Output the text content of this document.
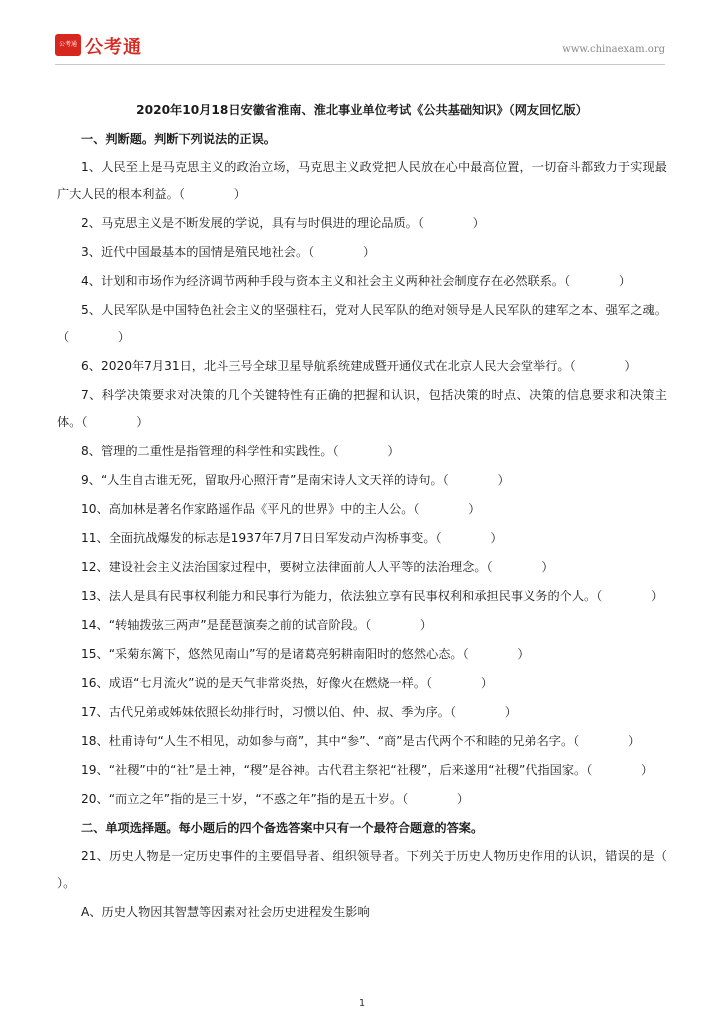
公考通 公考通	www.chinaexam.org

2020年10月18日安徽省淮南、淮北事业单位考试《公共基础知识》（网友回忆版）

一、判断题。判断下列说法的正误。

1、人民至上是马克思主义的政治立场，马克思主义政党把人民放在心中最高位置，一切奋斗都致力于实现最广大人民的根本利益。（　　　　）

2、马克思主义是不断发展的学说，具有与时俱进的理论品质。（　　　　）

3、近代中国最基本的国情是殖民地社会。（　　　　）

4、计划和市场作为经济调节两种手段与资本主义和社会主义两种社会制度存在必然联系。（　　　　）

5、人民军队是中国特色社会主义的坚强柱石，党对人民军队的绝对领导是人民军队的建军之本、强军之魂。（　　　　）

6、2020年7月31日，北斗三号全球卫星导航系统建成暨开通仪式在北京人民大会堂举行。（　　　　）

7、科学决策要求对决策的几个关键特性有正确的把握和认识，包括决策的时点、决策的信息要求和决策主体。（　　　　）

8、管理的二重性是指管理的科学性和实践性。（　　　　）

9、“人生自古谁无死，留取丹心照汗青”是南宋诗人文天祥的诗句。（　　　　）

10、高加林是著名作家路遥作品《平凡的世界》中的主人公。（　　　　）

11、全面抗战爆发的标志是1937年7月7日日军发动卢沟桥事变。（　　　　）

12、建设社会主义法治国家过程中，要树立法律面前人人平等的法治理念。（　　　　）

13、法人是具有民事权利能力和民事行为能力，依法独立享有民事权利和承担民事义务的个人。（　　　　）

14、“转轴拨弦三两声”是琵琶演奏之前的试音阶段。（　　　　）

15、“采菊东篱下，悠然见南山”写的是诸葛亮躬耕南阳时的悠然心态。（　　　　）

16、成语“七月流火”说的是天气非常炎热，好像火在燃烧一样。（　　　　）

17、古代兄弟或姊妹依照长幼排行时，习惯以伯、仲、叔、季为序。（　　　　）

18、杜甫诗句“人生不相见，动如参与商”，其中“参”、“商”是古代两个不和睦的兄弟名字。（　　　　）

19、“社稷”中的“社”是土神，“稷”是谷神。古代君主祭祀“社稷”，后来遂用“社稷”代指国家。（　　　　）

20、“而立之年”指的是三十岁，“不惑之年”指的是五十岁。（　　　　）

二、单项选择题。每小题后的四个备选答案中只有一个最符合题意的答案。

21、历史人物是一定历史事件的主要倡导者、组织领导者。下列关于历史人物历史作用的认识，错误的是（　　　　）。

A、历史人物因其智慧等因素对社会历史进程发生影响

1
